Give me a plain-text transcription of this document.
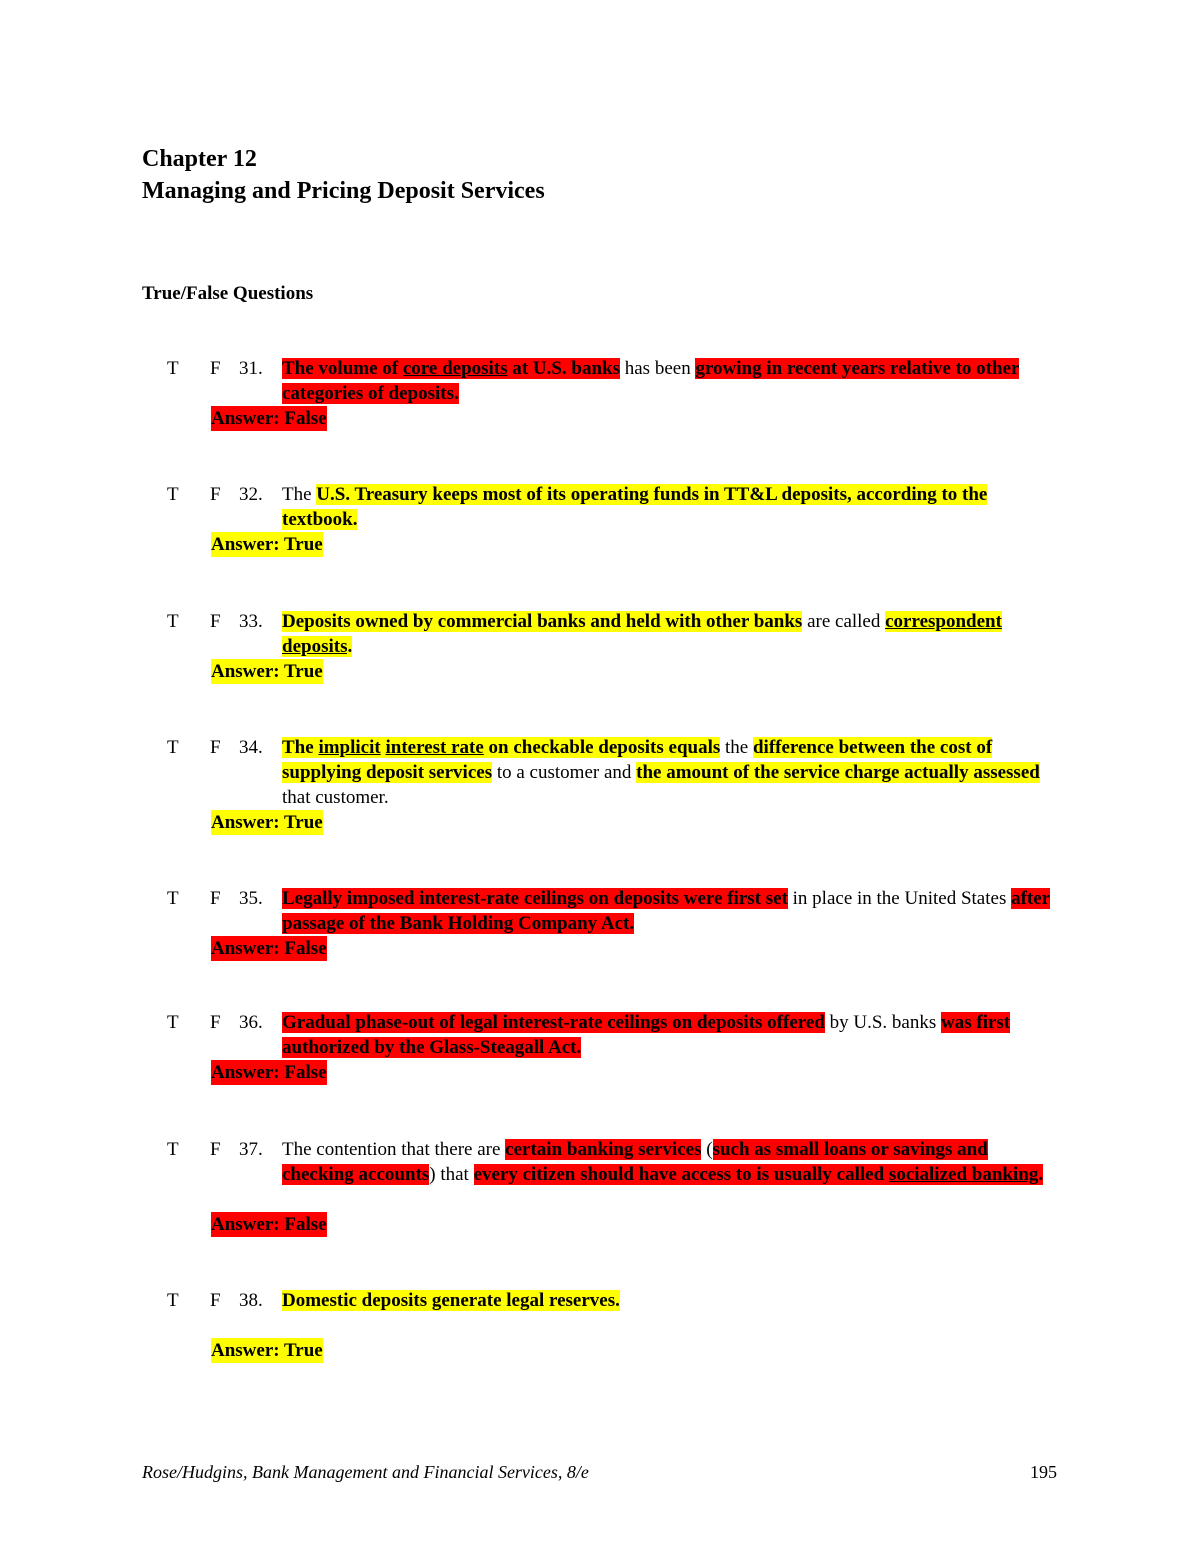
Chapter 12
Managing and Pricing Deposit Services
True/False Questions
T F 31. The volume of core deposits at U.S. banks has been growing in recent years relative to other categories of deposits.
Answer: False
T F 32. The U.S. Treasury keeps most of its operating funds in TT&L deposits, according to the textbook.
Answer: True
T F 33. Deposits owned by commercial banks and held with other banks are called correspondent deposits.
Answer: True
T F 34. The implicit interest rate on checkable deposits equals the difference between the cost of supplying deposit services to a customer and the amount of the service charge actually assessed that customer.
Answer: True
T F 35. Legally imposed interest-rate ceilings on deposits were first set in place in the United States after passage of the Bank Holding Company Act.
Answer: False
T F 36. Gradual phase-out of legal interest-rate ceilings on deposits offered by U.S. banks was first authorized by the Glass-Steagall Act.
Answer: False
T F 37. The contention that there are certain banking services (such as small loans or savings and checking accounts) that every citizen should have access to is usually called socialized banking.
Answer: False
T F 38. Domestic deposits generate legal reserves.
Answer: True
Rose/Hudgins, Bank Management and Financial Services, 8/e	195
